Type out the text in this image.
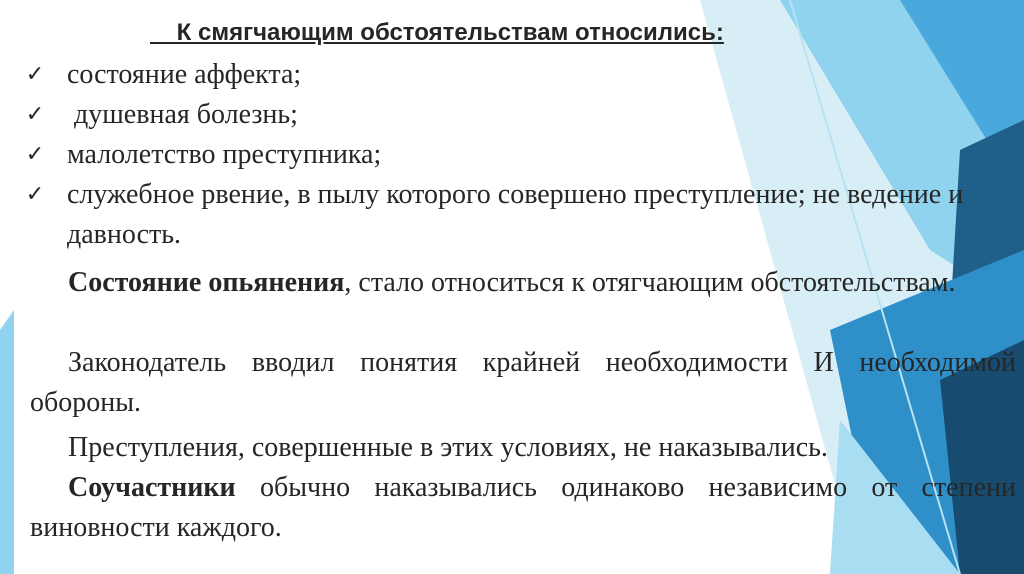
К смягчающим обстоятельствам относились:
✓ состояние аффекта;
✓ душевная болезнь;
✓ малолетство преступника;
✓ служебное рвение, в пылу которого совершено преступление; не ведение и давность.

Состояние опьянения, стало относиться к отягчающим обстоятельствам.

Законодатель вводил понятия крайней необходимости И необходимой обороны.

Преступления, совершенные в этих условиях, не наказывались.

Соучастники обычно наказывались одинаково независимо от степени виновности каждого.
